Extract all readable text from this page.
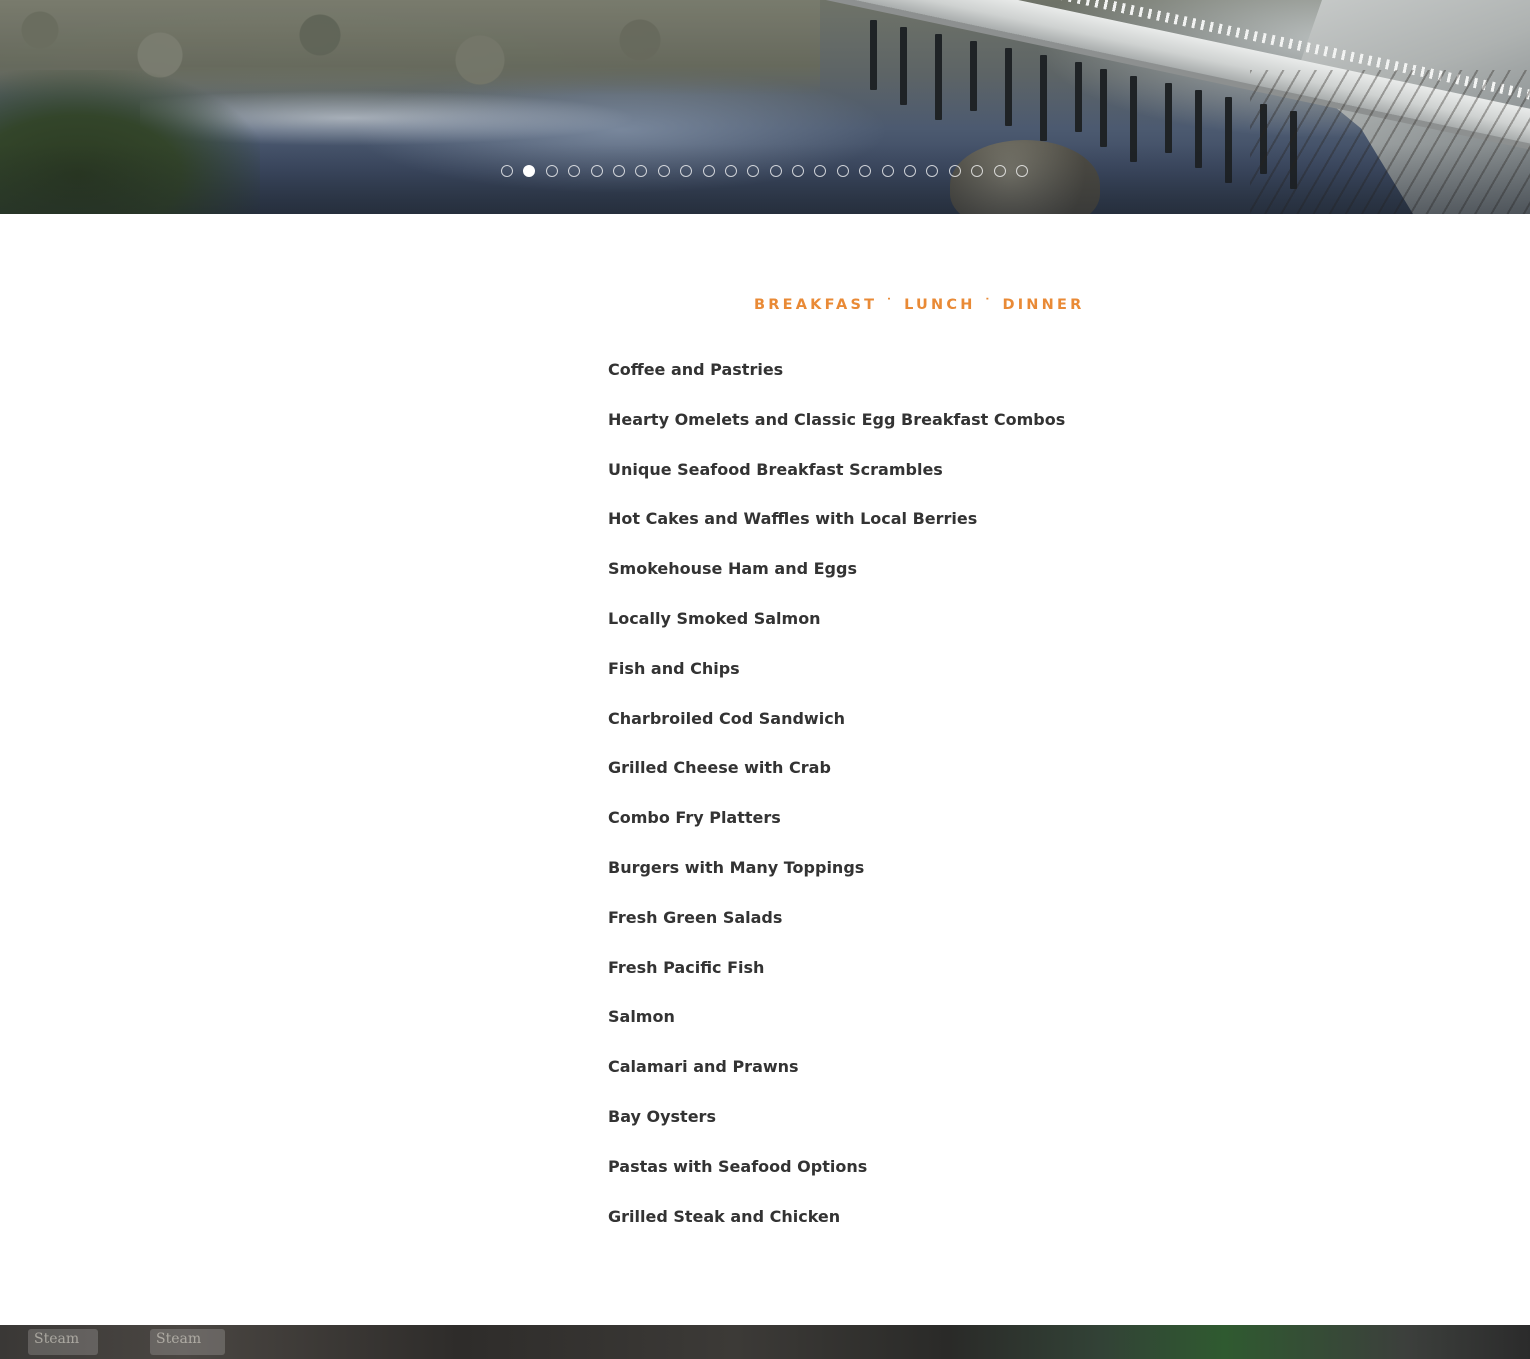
BREAKFAST ˙ LUNCH ˙ DINNER
Coffee and Pastries
Hearty Omelets and Classic Egg Breakfast Combos
Unique Seafood Breakfast Scrambles
Hot Cakes and Waffles with Local Berries
Smokehouse Ham and Eggs
Locally Smoked Salmon
Fish and Chips
Charbroiled Cod Sandwich
Grilled Cheese with Crab
Combo Fry Platters
Burgers with Many Toppings
Fresh Green Salads
Fresh Pacific Fish
Salmon
Calamari and Prawns
Bay Oysters
Pastas with Seafood Options
Grilled Steak and Chicken
Steam	Steam
